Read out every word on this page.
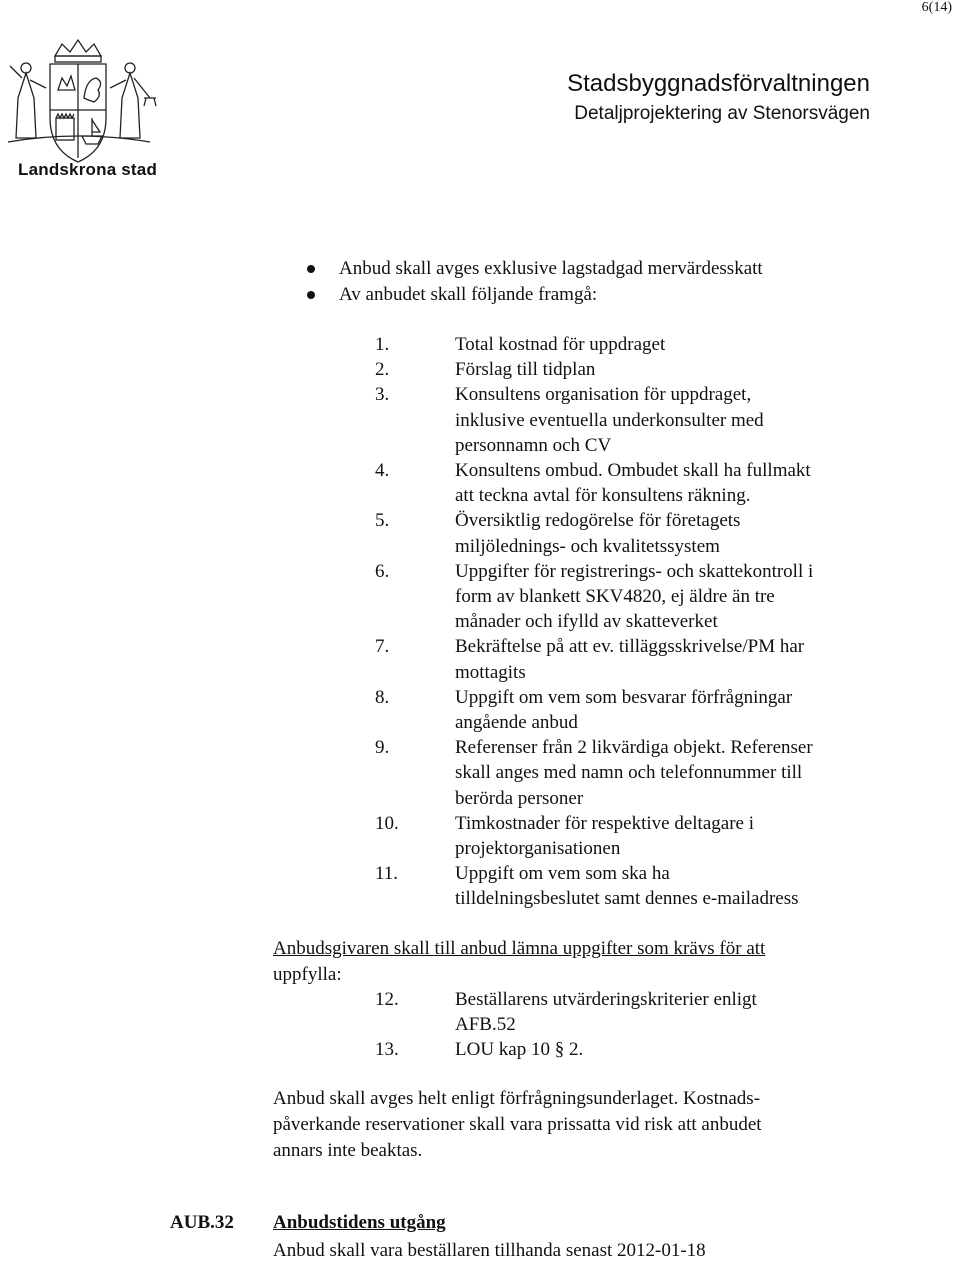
6(14)
Landskrona stad
Stadsbyggnadsförvaltningen
Detaljprojektering av Stenorsvägen
Anbud skall avges exklusive lagstadgad mervärdesskatt
Av anbudet skall följande framgå:
1.	Total kostnad för uppdraget
2.	Förslag till tidplan
3.	Konsultens organisation för uppdraget,
inklusive eventuella underkonsulter med
personnamn och CV
4.	Konsultens ombud. Ombudet skall ha fullmakt
att teckna avtal för konsultens räkning.
5.	Översiktlig redogörelse för företagets
miljölednings- och kvalitetssystem
6.	Uppgifter för registrerings- och skattekontroll i
form av blankett SKV4820, ej äldre än tre
månader och ifylld av skatteverket
7.	Bekräftelse på att ev. tilläggsskrivelse/PM har
mottagits
8.	Uppgift om vem som besvarar förfrågningar
angående anbud
9.	Referenser från 2 likvärdiga objekt. Referenser
skall anges med namn och telefonnummer till
berörda personer
10.	Timkostnader för respektive deltagare i
projektorganisationen
11.	Uppgift om vem som ska ha
tilldelningsbeslutet samt dennes e-mailadress
Anbudsgivaren skall till anbud lämna uppgifter som krävs för att
uppfylla:
12.	Beställarens utvärderingskriterier enligt
AFB.52
13.	LOU kap 10 § 2.
Anbud skall avges helt enligt förfrågningsunderlaget. Kostnads-
påverkande reservationer skall vara prissatta vid risk att anbudet
annars inte beaktas.
AUB.32 Anbudstidens utgång
Anbud skall vara beställaren tillhanda senast 2012-01-18
